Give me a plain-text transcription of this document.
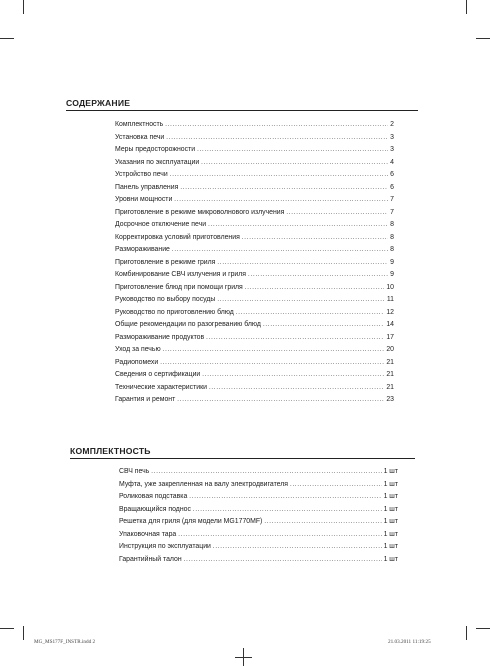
СОДЕРЖАНИЕ
Комплектность .....	2
Установка печи .....	3
Меры предосторожности .....	3
Указания по эксплуатации .....	4
Устройство печи .....	6
Панель управления .....	6
Уровни мощности .....	7
Приготовление в режиме микроволнового излучения .....	7
Досрочное отключение печи .....	8
Корректировка условий приготовления .....	8
Размораживание .....	8
Приготовление в режиме гриля .....	9
Комбинирование СВЧ излучения и гриля .....	9
Приготовление блюд при помощи гриля .....	10
Руководство по выбору посуды .....	11
Руководство по приготовлению блюд .....	12
Общие рекомендации по разогреванию блюд .....	14
Размораживание продуктов .....	17
Уход за печью .....	20
Радиопомехи .....	21
Сведения о сертификации .....	21
Технические характеристики .....	21
Гарантия и ремонт .....	23
КОМПЛЕКТНОСТЬ
СВЧ печь .....	1 шт
Муфта, уже закрепленная на валу электродвигателя .....	1 шт
Роликовая подставка .....	1 шт
Вращающийся поднос .....	1 шт
Решетка для гриля (для модели MG1770MF) .....	1 шт
Упаковочная тара .....	1 шт
Инструкция по эксплуатации .....	1 шт
Гарантийный талон .....	1 шт
MG_MS177F_INSTR.indd 2	21.03.2011 11:19:25
